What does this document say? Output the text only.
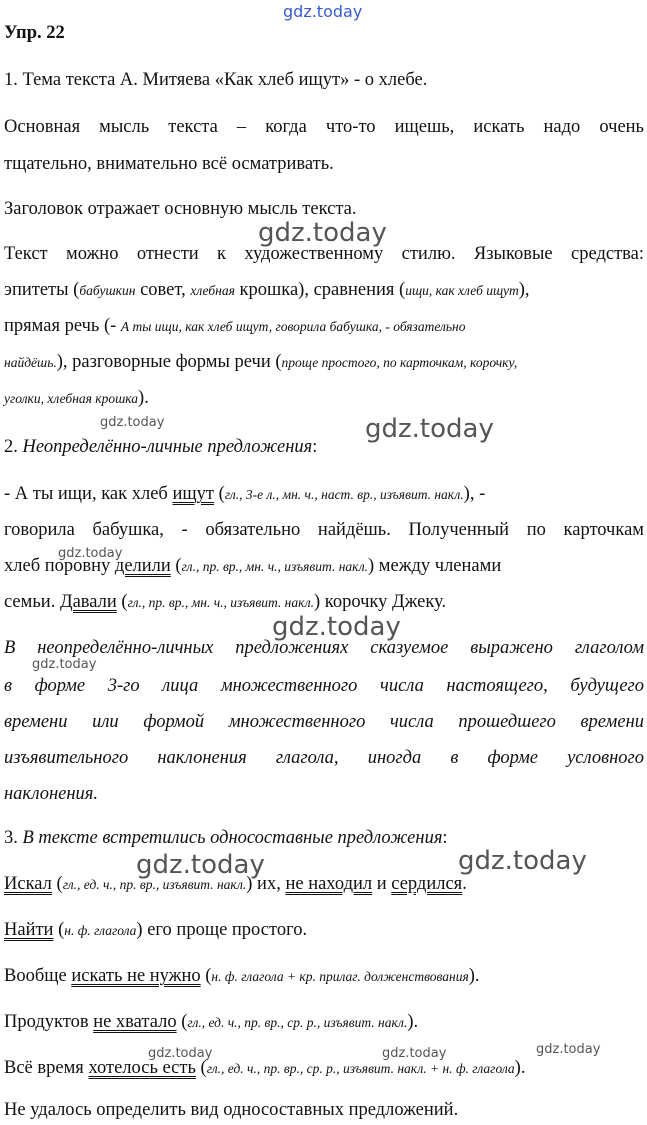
gdz.today
gdz.today
gdz.today	gdz.today
gdz.today
gdz.today
gdz.today
gdz.today	gdz.today
gdz.today	gdz.today	gdz.today
Упр. 22
1. Тема текста А. Митяева «Как хлеб ищут» - о хлебе.
Основная мысль текста – когда что-то ищешь, искать надо очень
тщательно, внимательно всё осматривать.
Заголовок отражает основную мысль текста.
Текст можно отнести к художественному стилю. Языковые средства:
эпитеты (бабушкин совет, хлебная крошка), сравнения (ищи, как хлеб ищут),
прямая речь (- А ты ищи, как хлеб ищут, говорила бабушка, - обязательно
найдёшь.), разговорные формы речи (проще простого, по карточкам, корочку,
уголки, хлебная крошка).
2. Неопределённо-личные предложения:
- А ты ищи, как хлеб ищут (гл., 3-е л., мн. ч., наст. вр., изъявит. накл.), -
говорила бабушка, - обязательно найдёшь. Полученный по карточкам
хлеб поровну делили (гл., пр. вр., мн. ч., изъявит. накл.) между членами
семьи. Давали (гл., пр. вр., мн. ч., изъявит. накл.) корочку Джеку.
В неопределённо-личных предложениях сказуемое выражено глаголом
в форме 3-го лица множественного числа настоящего, будущего
времени или формой множественного числа прошедшего времени
изъявительного наклонения глагола, иногда в форме условного
наклонения.
3. В тексте встретились односоставные предложения:
Искал (гл., ед. ч., пр. вр., изъявит. накл.) их, не находил и сердился.
Найти (н. ф. глагола) его проще простого.
Вообще искать не нужно (н. ф. глагола + кр. прилаг. долженствования).
Продуктов не хватало (гл., ед. ч., пр. вр., ср. р., изъявит. накл.).
Всё время хотелось есть (гл., ед. ч., пр. вр., ср. р., изъявит. накл. + н. ф. глагола).
Не удалось определить вид односоставных предложений.
